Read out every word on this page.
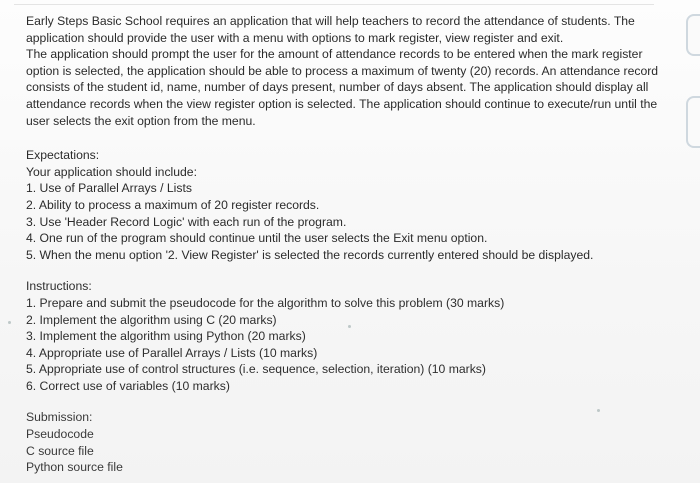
Early Steps Basic School requires an application that will help teachers to record the attendance of students. The
application should provide the user with a menu with options to mark register, view register and exit.
The application should prompt the user for the amount of attendance records to be entered when the mark register
option is selected, the application should be able to process a maximum of twenty (20) records. An attendance record
consists of the student id, name, number of days present, number of days absent. The application should display all
attendance records when the view register option is selected. The application should continue to execute/run until the
user selects the exit option from the menu.
Expectations:
Your application should include:
1. Use of Parallel Arrays / Lists
2. Ability to process a maximum of 20 register records.
3. Use 'Header Record Logic' with each run of the program.
4. One run of the program should continue until the user selects the Exit menu option.
5. When the menu option '2. View Register' is selected the records currently entered should be displayed.
Instructions:
1. Prepare and submit the pseudocode for the algorithm to solve this problem (30 marks)
2. Implement the algorithm using C (20 marks)
3. Implement the algorithm using Python (20 marks)
4. Appropriate use of Parallel Arrays / Lists (10 marks)
5. Appropriate use of control structures (i.e. sequence, selection, iteration) (10 marks)
6. Correct use of variables (10 marks)
Submission:
Pseudocode
C source file
Python source file
